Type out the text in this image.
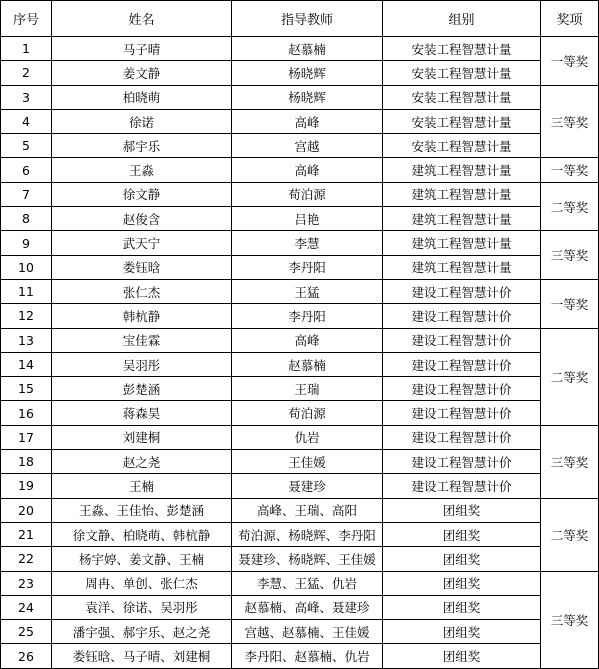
序号	姓名	指导教师	组别	奖项
1	马子晴	赵慕楠	安装工程智慧计量	一等奖
2	姜文静	杨晓辉	安装工程智慧计量	
3	柏晓萌	杨晓辉	安装工程智慧计量	三等奖
4	徐诺	高峰	安装工程智慧计量	
5	郝宇乐	宫越	安装工程智慧计量	
6	王淼	高峰	建筑工程智慧计量	一等奖
7	徐文静	荀泊源	建筑工程智慧计量	二等奖
8	赵俊含	吕艳	建筑工程智慧计量	
9	武天宁	李慧	建筑工程智慧计量	三等奖
10	娄钰晗	李丹阳	建筑工程智慧计量	
11	张仁杰	王猛	建设工程智慧计价	一等奖
12	韩杭静	李丹阳	建设工程智慧计价	
13	宝佳霖	高峰	建设工程智慧计价	二等奖
14	吴羽彤	赵慕楠	建设工程智慧计价	
15	彭楚涵	王瑞	建设工程智慧计价	
16	蒋森昊	荀泊源	建设工程智慧计价	
17	刘建桐	仇岩	建设工程智慧计价	三等奖
18	赵之尧	王佳媛	建设工程智慧计价	
19	王楠	聂建珍	建设工程智慧计价	
20	王淼、王佳怡、彭楚涵	高峰、王瑞、高阳	团组奖	二等奖
21	徐文静、柏晓萌、韩杭静	荀泊源、杨晓辉、李丹阳	团组奖	
22	杨宇婷、姜文静、王楠	聂建珍、杨晓辉、王佳媛	团组奖	
23	周冉、单创、张仁杰	李慧、王猛、仇岩	团组奖	三等奖
24	袁洋、徐诺、吴羽彤	赵慕楠、高峰、聂建珍	团组奖	
25	潘宇强、郝宇乐、赵之尧	宫越、赵慕楠、王佳媛	团组奖	
26	娄钰晗、马子晴、刘建桐	李丹阳、赵慕楠、仇岩	团组奖	
